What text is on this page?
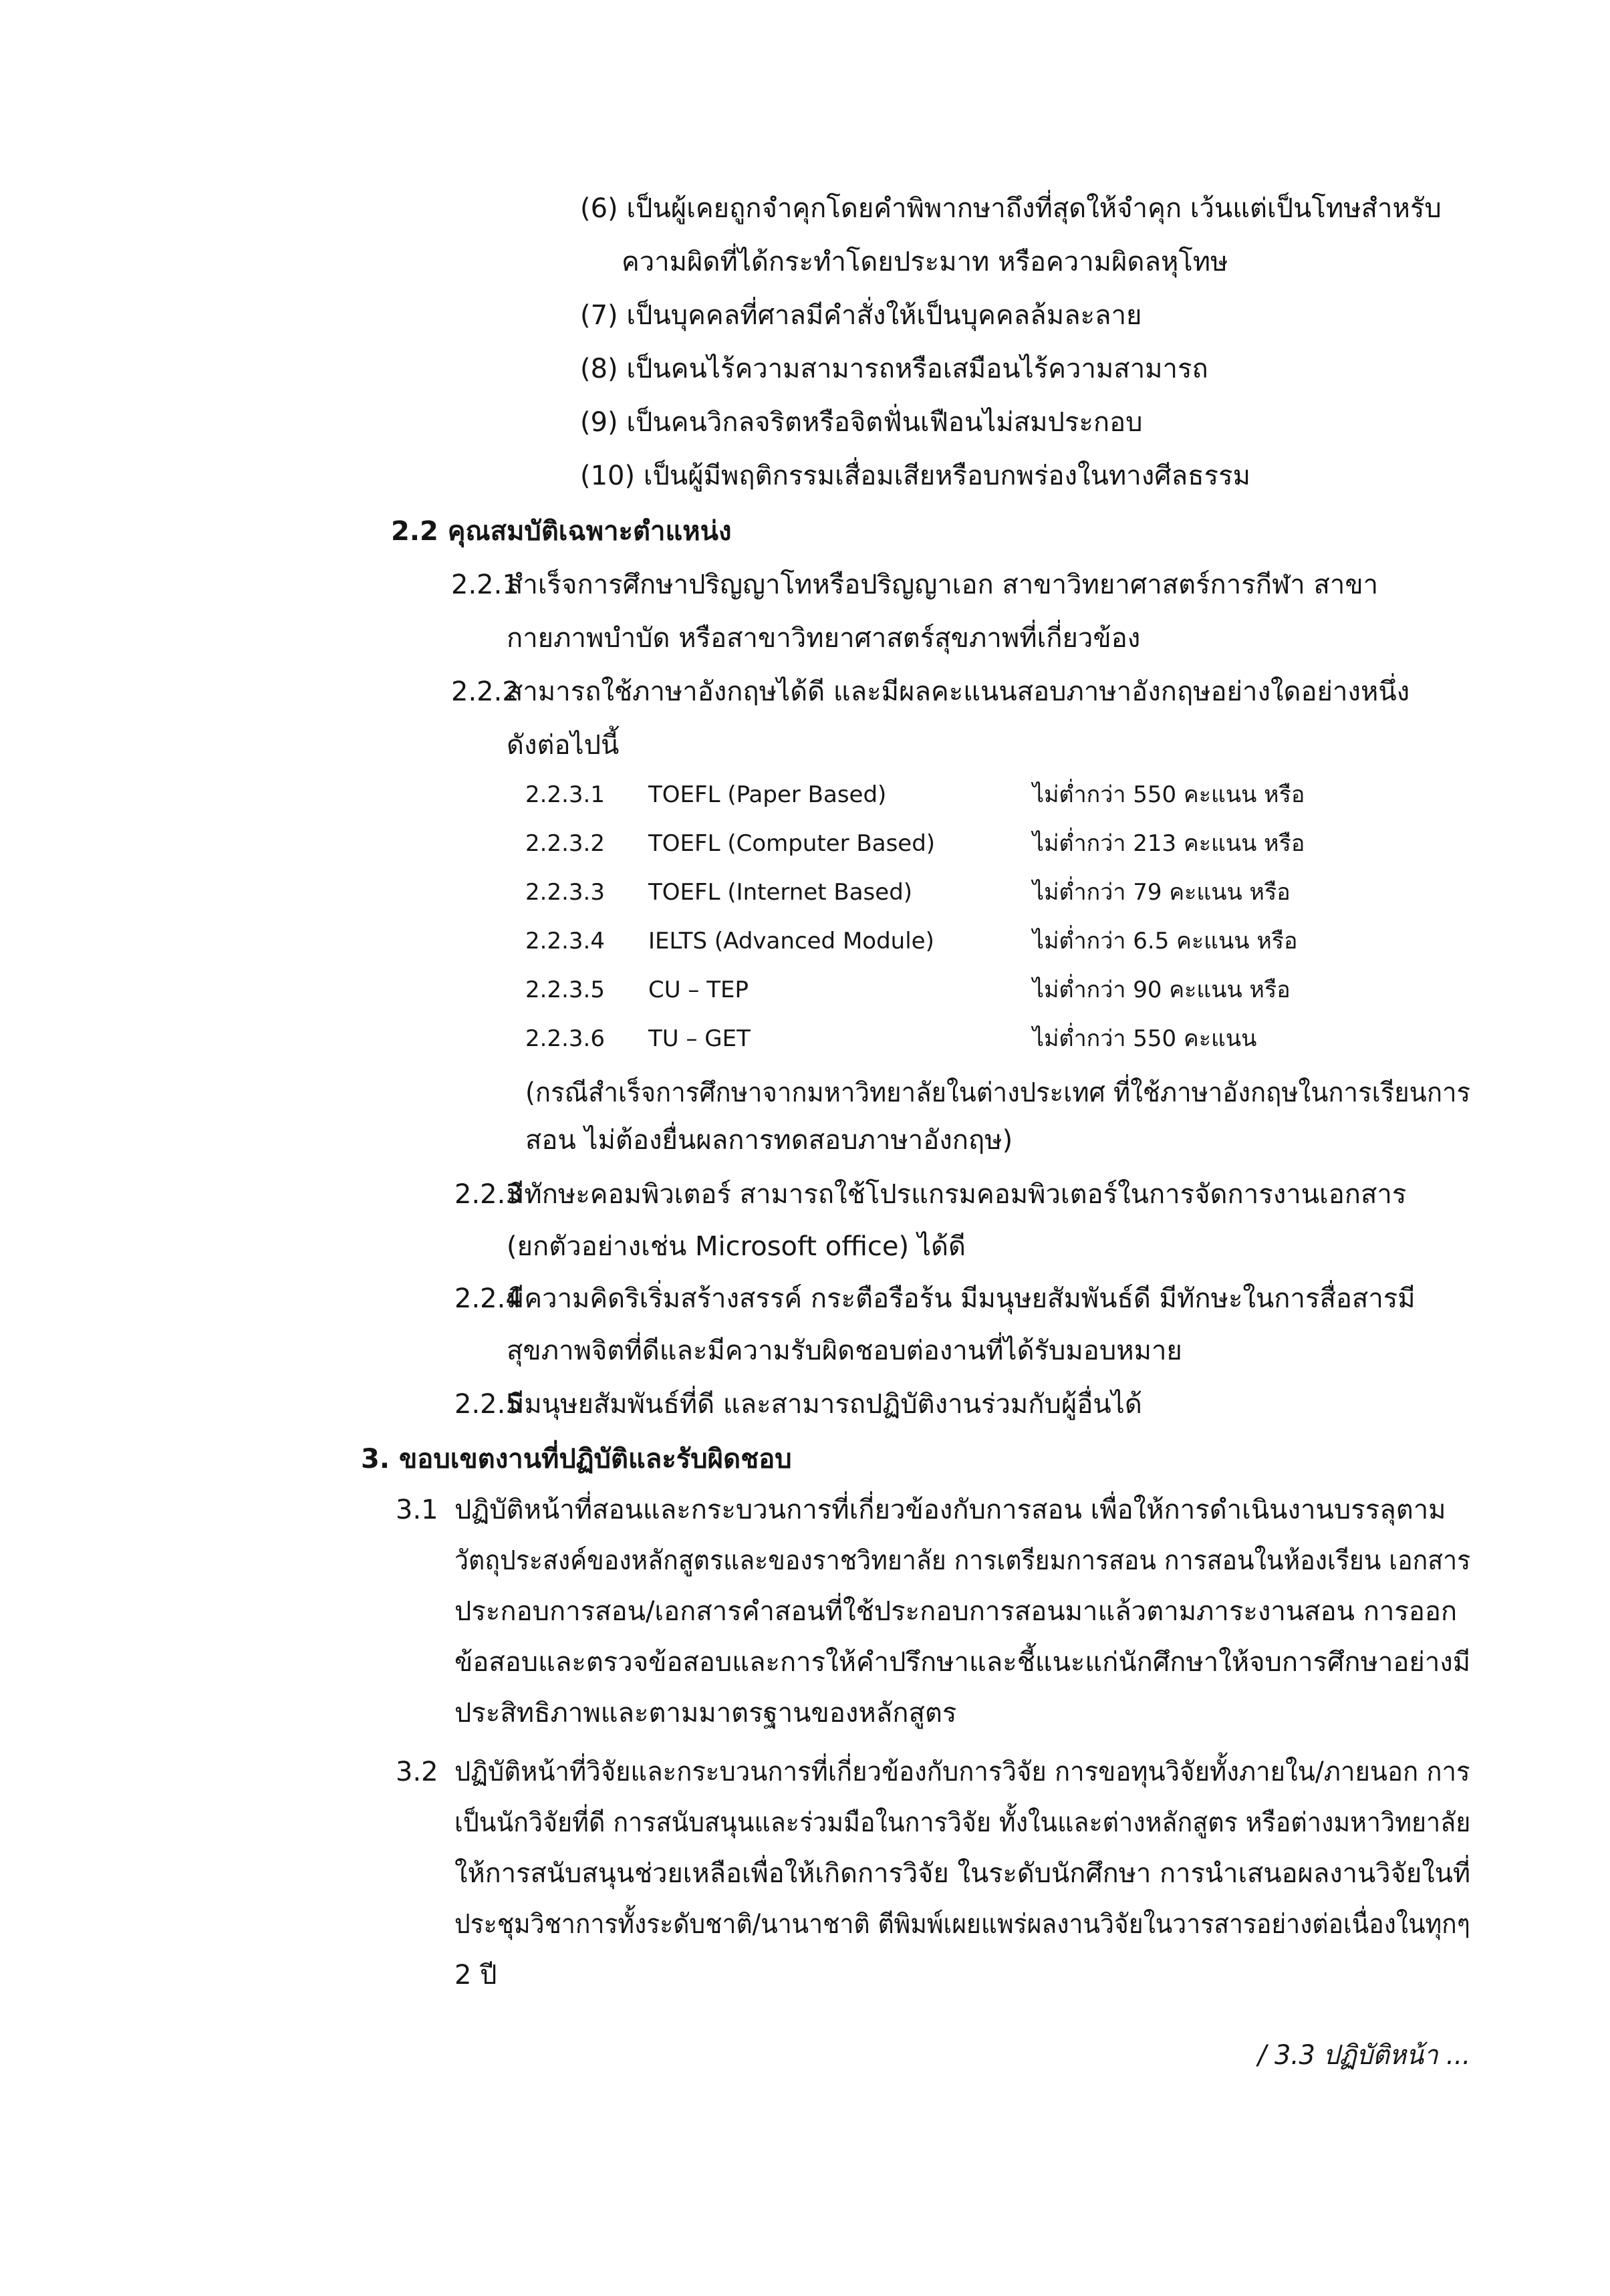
(6) เป็นผู้เคยถูกจำคุกโดยคำพิพากษาถึงที่สุดให้จำคุก เว้นแต่เป็นโทษสำหรับ
ความผิดที่ได้กระทำโดยประมาท หรือความผิดลหุโทษ
(7) เป็นบุคคลที่ศาลมีคำสั่งให้เป็นบุคคลล้มละลาย
(8) เป็นคนไร้ความสามารถหรือเสมือนไร้ความสามารถ
(9) เป็นคนวิกลจริตหรือจิตฟั่นเฟือนไม่สมประกอบ
(10) เป็นผู้มีพฤติกรรมเสื่อมเสียหรือบกพร่องในทางศีลธรรม
2.2 คุณสมบัติเฉพาะตำแหน่ง
2.2.1
สำเร็จการศึกษาปริญญาโทหรือปริญญาเอก สาขาวิทยาศาสตร์การกีฬา สาขา
กายภาพบำบัด หรือสาขาวิทยาศาสตร์สุขภาพที่เกี่ยวข้อง
2.2.2
สามารถใช้ภาษาอังกฤษได้ดี และมีผลคะแนนสอบภาษาอังกฤษอย่างใดอย่างหนึ่ง
ดังต่อไปนี้
2.2.3.1 TOEFL (Paper Based)	ไม่ต่ำกว่า 550 คะแนน หรือ
2.2.3.2 TOEFL (Computer Based)	ไม่ต่ำกว่า 213 คะแนน หรือ
2.2.3.3 TOEFL (Internet Based)	ไม่ต่ำกว่า 79 คะแนน หรือ
2.2.3.4 IELTS (Advanced Module)	ไม่ต่ำกว่า 6.5 คะแนน หรือ
2.2.3.5 CU – TEP	ไม่ต่ำกว่า 90 คะแนน หรือ
2.2.3.6 TU – GET	ไม่ต่ำกว่า 550 คะแนน
(กรณีสำเร็จการศึกษาจากมหาวิทยาลัยในต่างประเทศ ที่ใช้ภาษาอังกฤษในการเรียนการ
สอน ไม่ต้องยื่นผลการทดสอบภาษาอังกฤษ)
2.2.3
มีทักษะคอมพิวเตอร์ สามารถใช้โปรแกรมคอมพิวเตอร์ในการจัดการงานเอกสาร
(ยกตัวอย่างเช่น Microsoft office) ได้ดี
2.2.4
มีความคิดริเริ่มสร้างสรรค์ กระตือรือร้น มีมนุษยสัมพันธ์ดี มีทักษะในการสื่อสารมี
สุขภาพจิตที่ดีและมีความรับผิดชอบต่องานที่ได้รับมอบหมาย
2.2.5
มีมนุษยสัมพันธ์ที่ดี และสามารถปฏิบัติงานร่วมกับผู้อื่นได้
3. ขอบเขตงานที่ปฏิบัติและรับผิดชอบ
3.1 ปฏิบัติหน้าที่สอนและกระบวนการที่เกี่ยวข้องกับการสอน เพื่อให้การดำเนินงานบรรลุตาม
วัตถุประสงค์ของหลักสูตรและของราชวิทยาลัย การเตรียมการสอน การสอนในห้องเรียน เอกสาร
ประกอบการสอน/เอกสารคำสอนที่ใช้ประกอบการสอนมาแล้วตามภาระงานสอน การออก
ข้อสอบและตรวจข้อสอบและการให้คำปรึกษาและชี้แนะแก่นักศึกษาให้จบการศึกษาอย่างมี
ประสิทธิภาพและตามมาตรฐานของหลักสูตร
3.2 ปฏิบัติหน้าที่วิจัยและกระบวนการที่เกี่ยวข้องกับการวิจัย การขอทุนวิจัยทั้งภายใน/ภายนอก การ
เป็นนักวิจัยที่ดี การสนับสนุนและร่วมมือในการวิจัย ทั้งในและต่างหลักสูตร หรือต่างมหาวิทยาลัย
ให้การสนับสนุนช่วยเหลือเพื่อให้เกิดการวิจัย ในระดับนักศึกษา การนำเสนอผลงานวิจัยในที่
ประชุมวิชาการทั้งระดับชาติ/นานาชาติ ตีพิมพ์เผยแพร่ผลงานวิจัยในวารสารอย่างต่อเนื่องในทุกๆ
2 ปี
/ 3.3 ปฏิบัติหน้า ...
